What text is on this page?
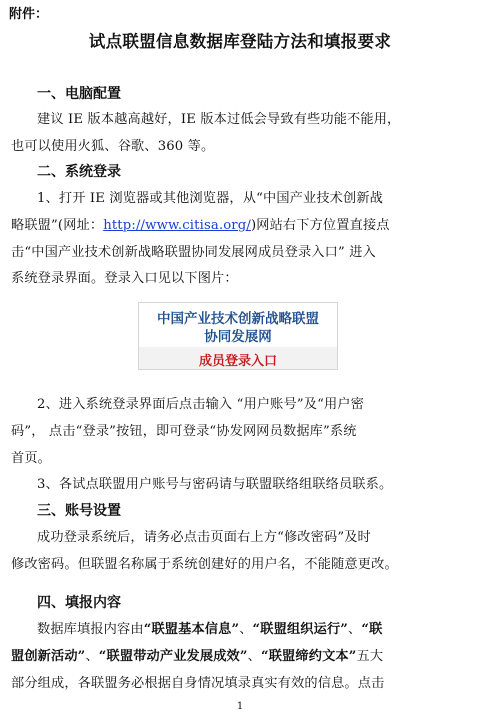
附件：
试点联盟信息数据库登陆方法和填报要求
一、电脑配置
建议 IE 版本越高越好，IE 版本过低会导致有些功能不能用，
也可以使用火狐、谷歌、360 等。
二、系统登录
1、打开 IE 浏览器或其他浏览器，从“中国产业技术创新战
略联盟”(网址：http://www.citisa.org/)网站右下方位置直接点
击“中国产业技术创新战略联盟协同发展网成员登录入口” 进入
系统登录界面。登录入口见以下图片：
中国产业技术创新战略联盟
协同发展网
成员登录入口
2、进入系统登录界面后点击输入 “用户账号”及“用户密
码”， 点击“登录”按钮，即可登录“协发网网员数据库”系统
首页。
3、各试点联盟用户账号与密码请与联盟联络组联络员联系。
三、账号设置
成功登录系统后，请务必点击页面右上方“修改密码”及时
修改密码。但联盟名称属于系统创建好的用户名，不能随意更改。
四、填报内容
数据库填报内容由“联盟基本信息”、“联盟组织运行”、“联
盟创新活动”、“联盟带动产业发展成效”、“联盟缔约文本”五大
部分组成，各联盟务必根据自身情况填录真实有效的信息。点击
1
